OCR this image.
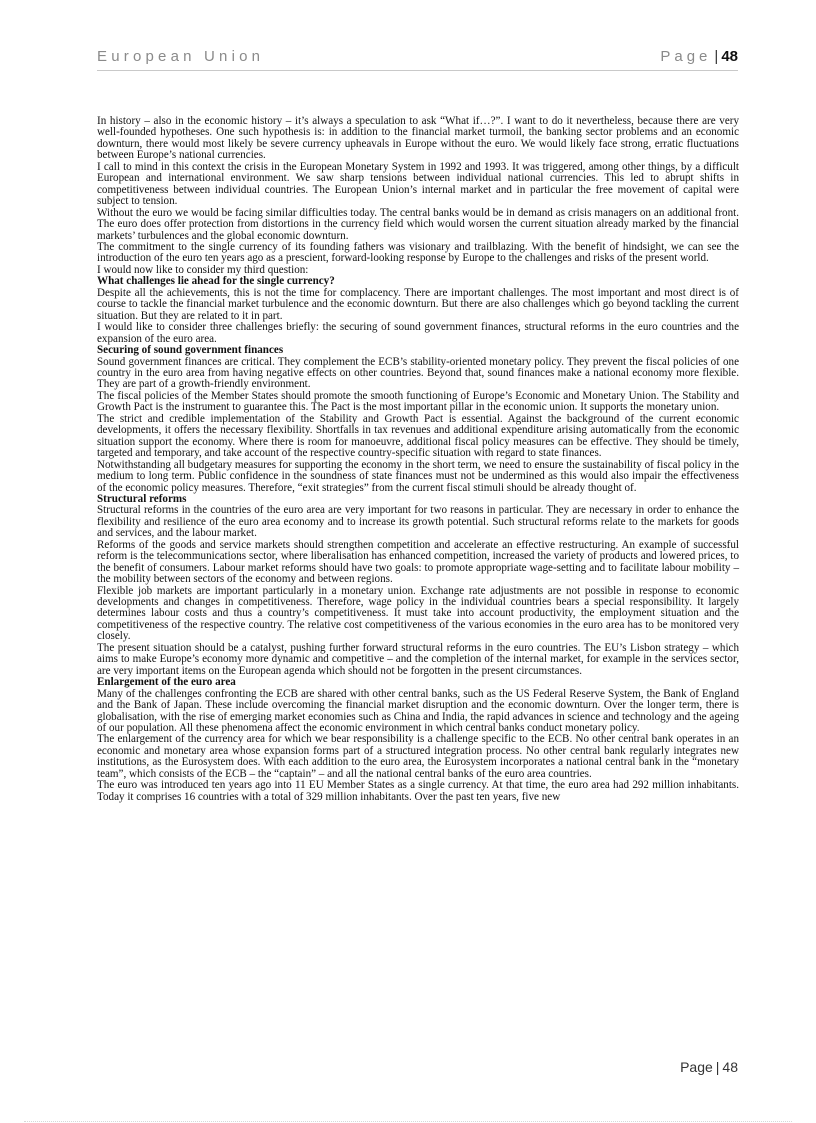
European Union	Page | 48

In history – also in the economic history – it’s always a speculation to ask “What if…?”. I want to do it nevertheless, because there are very well-founded hypotheses. One such hypothesis is: in addition to the financial market turmoil, the banking sector problems and an economic downturn, there would most likely be severe currency upheavals in Europe without the euro. We would likely face strong, erratic fluctuations between Europe’s national currencies.

I call to mind in this context the crisis in the European Monetary System in 1992 and 1993. It was triggered, among other things, by a difficult European and international environment. We saw sharp tensions between individual national currencies. This led to abrupt shifts in competitiveness between individual countries. The European Union’s internal market and in particular the free movement of capital were subject to tension.

Without the euro we would be facing similar difficulties today. The central banks would be in demand as crisis managers on an additional front. The euro does offer protection from distortions in the currency field which would worsen the current situation already marked by the financial markets’ turbulences and the global economic downturn.

The commitment to the single currency of its founding fathers was visionary and trailblazing. With the benefit of hindsight, we can see the introduction of the euro ten years ago as a prescient, forward-looking response by Europe to the challenges and risks of the present world.

I would now like to consider my third question:

What challenges lie ahead for the single currency?

Despite all the achievements, this is not the time for complacency. There are important challenges. The most important and most direct is of course to tackle the financial market turbulence and the economic downturn. But there are also challenges which go beyond tackling the current situation. But they are related to it in part.

I would like to consider three challenges briefly: the securing of sound government finances, structural reforms in the euro countries and the expansion of the euro area.

Securing of sound government finances

Sound government finances are critical. They complement the ECB’s stability-oriented monetary policy. They prevent the fiscal policies of one country in the euro area from having negative effects on other countries. Beyond that, sound finances make a national economy more flexible. They are part of a growth-friendly environment.

The fiscal policies of the Member States should promote the smooth functioning of Europe’s Economic and Monetary Union. The Stability and Growth Pact is the instrument to guarantee this. The Pact is the most important pillar in the economic union. It supports the monetary union.

The strict and credible implementation of the Stability and Growth Pact is essential. Against the background of the current economic developments, it offers the necessary flexibility. Shortfalls in tax revenues and additional expenditure arising automatically from the economic situation support the economy. Where there is room for manoeuvre, additional fiscal policy measures can be effective. They should be timely, targeted and temporary, and take account of the respective country-specific situation with regard to state finances.

Notwithstanding all budgetary measures for supporting the economy in the short term, we need to ensure the sustainability of fiscal policy in the medium to long term. Public confidence in the soundness of state finances must not be undermined as this would also impair the effectiveness of the economic policy measures. Therefore, “exit strategies” from the current fiscal stimuli should be already thought of.

Structural reforms

Structural reforms in the countries of the euro area are very important for two reasons in particular. They are necessary in order to enhance the flexibility and resilience of the euro area economy and to increase its growth potential. Such structural reforms relate to the markets for goods and services, and the labour market.

Reforms of the goods and service markets should strengthen competition and accelerate an effective restructuring. An example of successful reform is the telecommunications sector, where liberalisation has enhanced competition, increased the variety of products and lowered prices, to the benefit of consumers. Labour market reforms should have two goals: to promote appropriate wage-setting and to facilitate labour mobility – the mobility between sectors of the economy and between regions.

Flexible job markets are important particularly in a monetary union. Exchange rate adjustments are not possible in response to economic developments and changes in competitiveness. Therefore, wage policy in the individual countries bears a special responsibility. It largely determines labour costs and thus a country’s competitiveness. It must take into account productivity, the employment situation and the competitiveness of the respective country. The relative cost competitiveness of the various economies in the euro area has to be monitored very closely.

The present situation should be a catalyst, pushing further forward structural reforms in the euro countries. The EU’s Lisbon strategy – which aims to make Europe’s economy more dynamic and competitive – and the completion of the internal market, for example in the services sector, are very important items on the European agenda which should not be forgotten in the present circumstances.

Enlargement of the euro area

Many of the challenges confronting the ECB are shared with other central banks, such as the US Federal Reserve System, the Bank of England and the Bank of Japan. These include overcoming the financial market disruption and the economic downturn. Over the longer term, there is globalisation, with the rise of emerging market economies such as China and India, the rapid advances in science and technology and the ageing of our population. All these phenomena affect the economic environment in which central banks conduct monetary policy.

The enlargement of the currency area for which we bear responsibility is a challenge specific to the ECB. No other central bank operates in an economic and monetary area whose expansion forms part of a structured integration process. No other central bank regularly integrates new institutions, as the Eurosystem does. With each addition to the euro area, the Eurosystem incorporates a national central bank in the “monetary team”, which consists of the ECB – the “captain” – and all the national central banks of the euro area countries.

The euro was introduced ten years ago into 11 EU Member States as a single currency. At that time, the euro area had 292 million inhabitants. Today it comprises 16 countries with a total of 329 million inhabitants. Over the past ten years, five new

Page | 48
